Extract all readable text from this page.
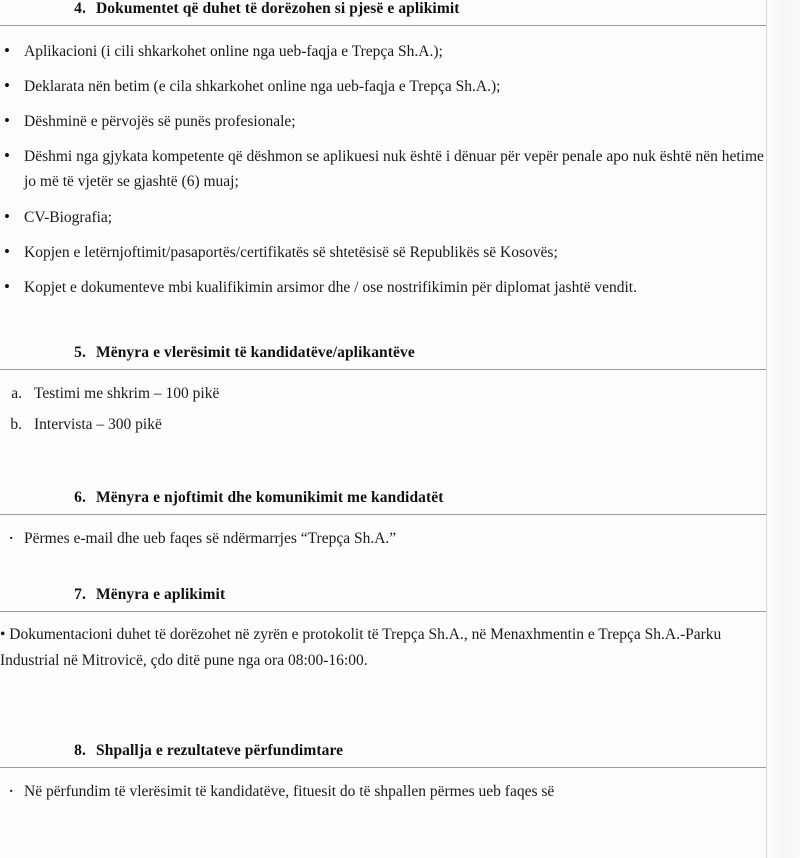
4. Dokumentet që duhet të dorëzohen si pjesë e aplikimit
• Aplikacioni (i cili shkarkohet online nga ueb-faqja e Trepça Sh.A.);
• Deklarata nën betim (e cila shkarkohet online nga ueb-faqja e Trepça Sh.A.);
• Dëshminë e përvojës së punës profesionale;
• Dëshmi nga gjykata kompetente që dëshmon se aplikuesi nuk është i dënuar për vepër penale apo nuk është nën hetime jo më të vjetër se gjashtë (6) muaj;
• CV-Biografia;
• Kopjen e letërnjoftimit/pasaportës/certifikatës së shtetësisë së Republikës së Kosovës;
• Kopjet e dokumenteve mbi kualifikimin arsimor dhe / ose nostrifikimin për diplomat jashtë vendit.
5. Mënyra e vlerësimit të kandidatëve/aplikantëve
a. Testimi me shkrim – 100 pikë
b. Intervista – 300 pikë
6. Mënyra e njoftimit dhe komunikimit me kandidatët
· Përmes e-mail dhe ueb faqes së ndërmarrjes “Trepça Sh.A.”
7. Mënyra e aplikimit

• Dokumentacioni duhet të dorëzohet në zyrën e protokolit të Trepça Sh.A., në Menaxhmentin e Trepça Sh.A.-Parku Industrial në Mitrovicë, çdo ditë pune nga ora 08:00-16:00.

8. Shpallja e rezultateve përfundimtare
· Në përfundim të vlerësimit të kandidatëve, fituesit do të shpallen përmes ueb faqes së
